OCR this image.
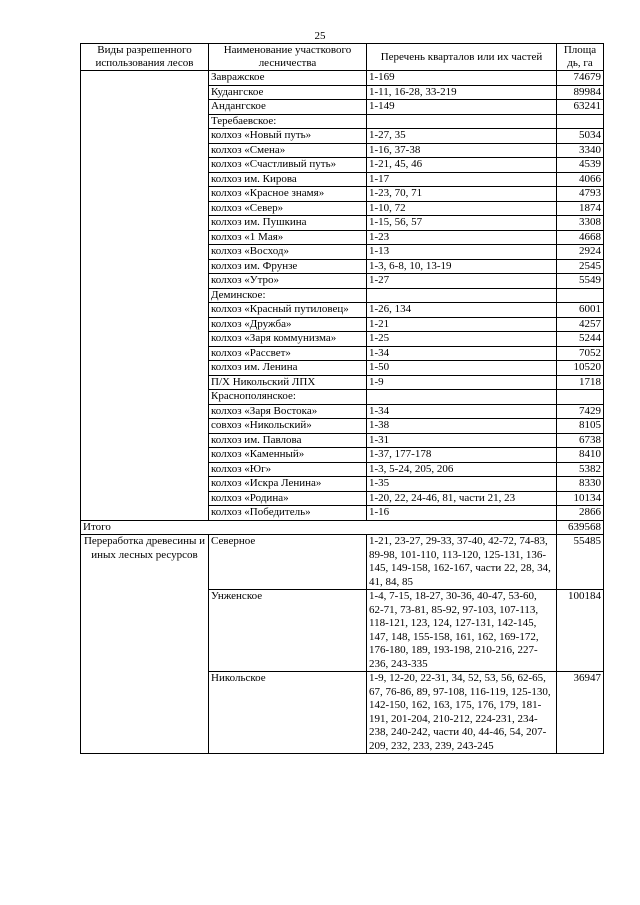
25
Виды разрешенного использования лесов	Наименование участкового лесничества	Перечень кварталов или их частей	Площа дь, га
	Завражское	1-169	74679
	Кудангское	1-11, 16-28, 33-219	89984
	Андангское	1-149	63241
	Теребаевское:		
	колхоз «Новый путь»	1-27, 35	5034
	колхоз «Смена»	1-16, 37-38	3340
	колхоз «Счастливый путь»	1-21, 45, 46	4539
	колхоз им. Кирова	1-17	4066
	колхоз «Красное знамя»	1-23, 70, 71	4793
	колхоз «Север»	1-10, 72	1874
	колхоз им. Пушкина	1-15, 56, 57	3308
	колхоз «1 Мая»	1-23	4668
	колхоз «Восход»	1-13	2924
	колхоз им. Фрунзе	1-3, 6-8, 10, 13-19	2545
	колхоз «Утро»	1-27	5549
	Деминское:		
	колхоз «Красный путиловец»	1-26, 134	6001
	колхоз «Дружба»	1-21	4257
	колхоз «Заря коммунизма»	1-25	5244
	колхоз «Рассвет»	1-34	7052
	колхоз им. Ленина	1-50	10520
	П/Х Никольский ЛПХ	1-9	1718
	Краснополянское:		
	колхоз «Заря Востока»	1-34	7429
	совхоз «Никольский»	1-38	8105
	колхоз им. Павлова	1-31	6738
	колхоз «Каменный»	1-37, 177-178	8410
	колхоз «Юг»	1-3, 5-24, 205, 206	5382
	колхоз «Искра Ленина»	1-35	8330
	колхоз «Родина»	1-20, 22, 24-46, 81, части 21, 23	10134
	колхоз «Победитель»	1-16	2866
Итого			639568
Переработка древесины и иных лесных ресурсов	Северное	1-21, 23-27, 29-33, 37-40, 42-72, 74-83, 89-98, 101-110, 113-120, 125-131, 136-145, 149-158, 162-167, части 22, 28, 34, 41, 84, 85	55485
	Унженское	1-4, 7-15, 18-27, 30-36, 40-47, 53-60, 62-71, 73-81, 85-92, 97-103, 107-113, 118-121, 123, 124, 127-131, 142-145, 147, 148, 155-158, 161, 162, 169-172, 176-180, 189, 193-198, 210-216, 227-236, 243-335	100184
	Никольское	1-9, 12-20, 22-31, 34, 52, 53, 56, 62-65, 67, 76-86, 89, 97-108, 116-119, 125-130, 142-150, 162, 163, 175, 176, 179, 181-191, 201-204, 210-212, 224-231, 234-238, 240-242, части 40, 44-46, 54, 207-209, 232, 233, 239, 243-245	36947
